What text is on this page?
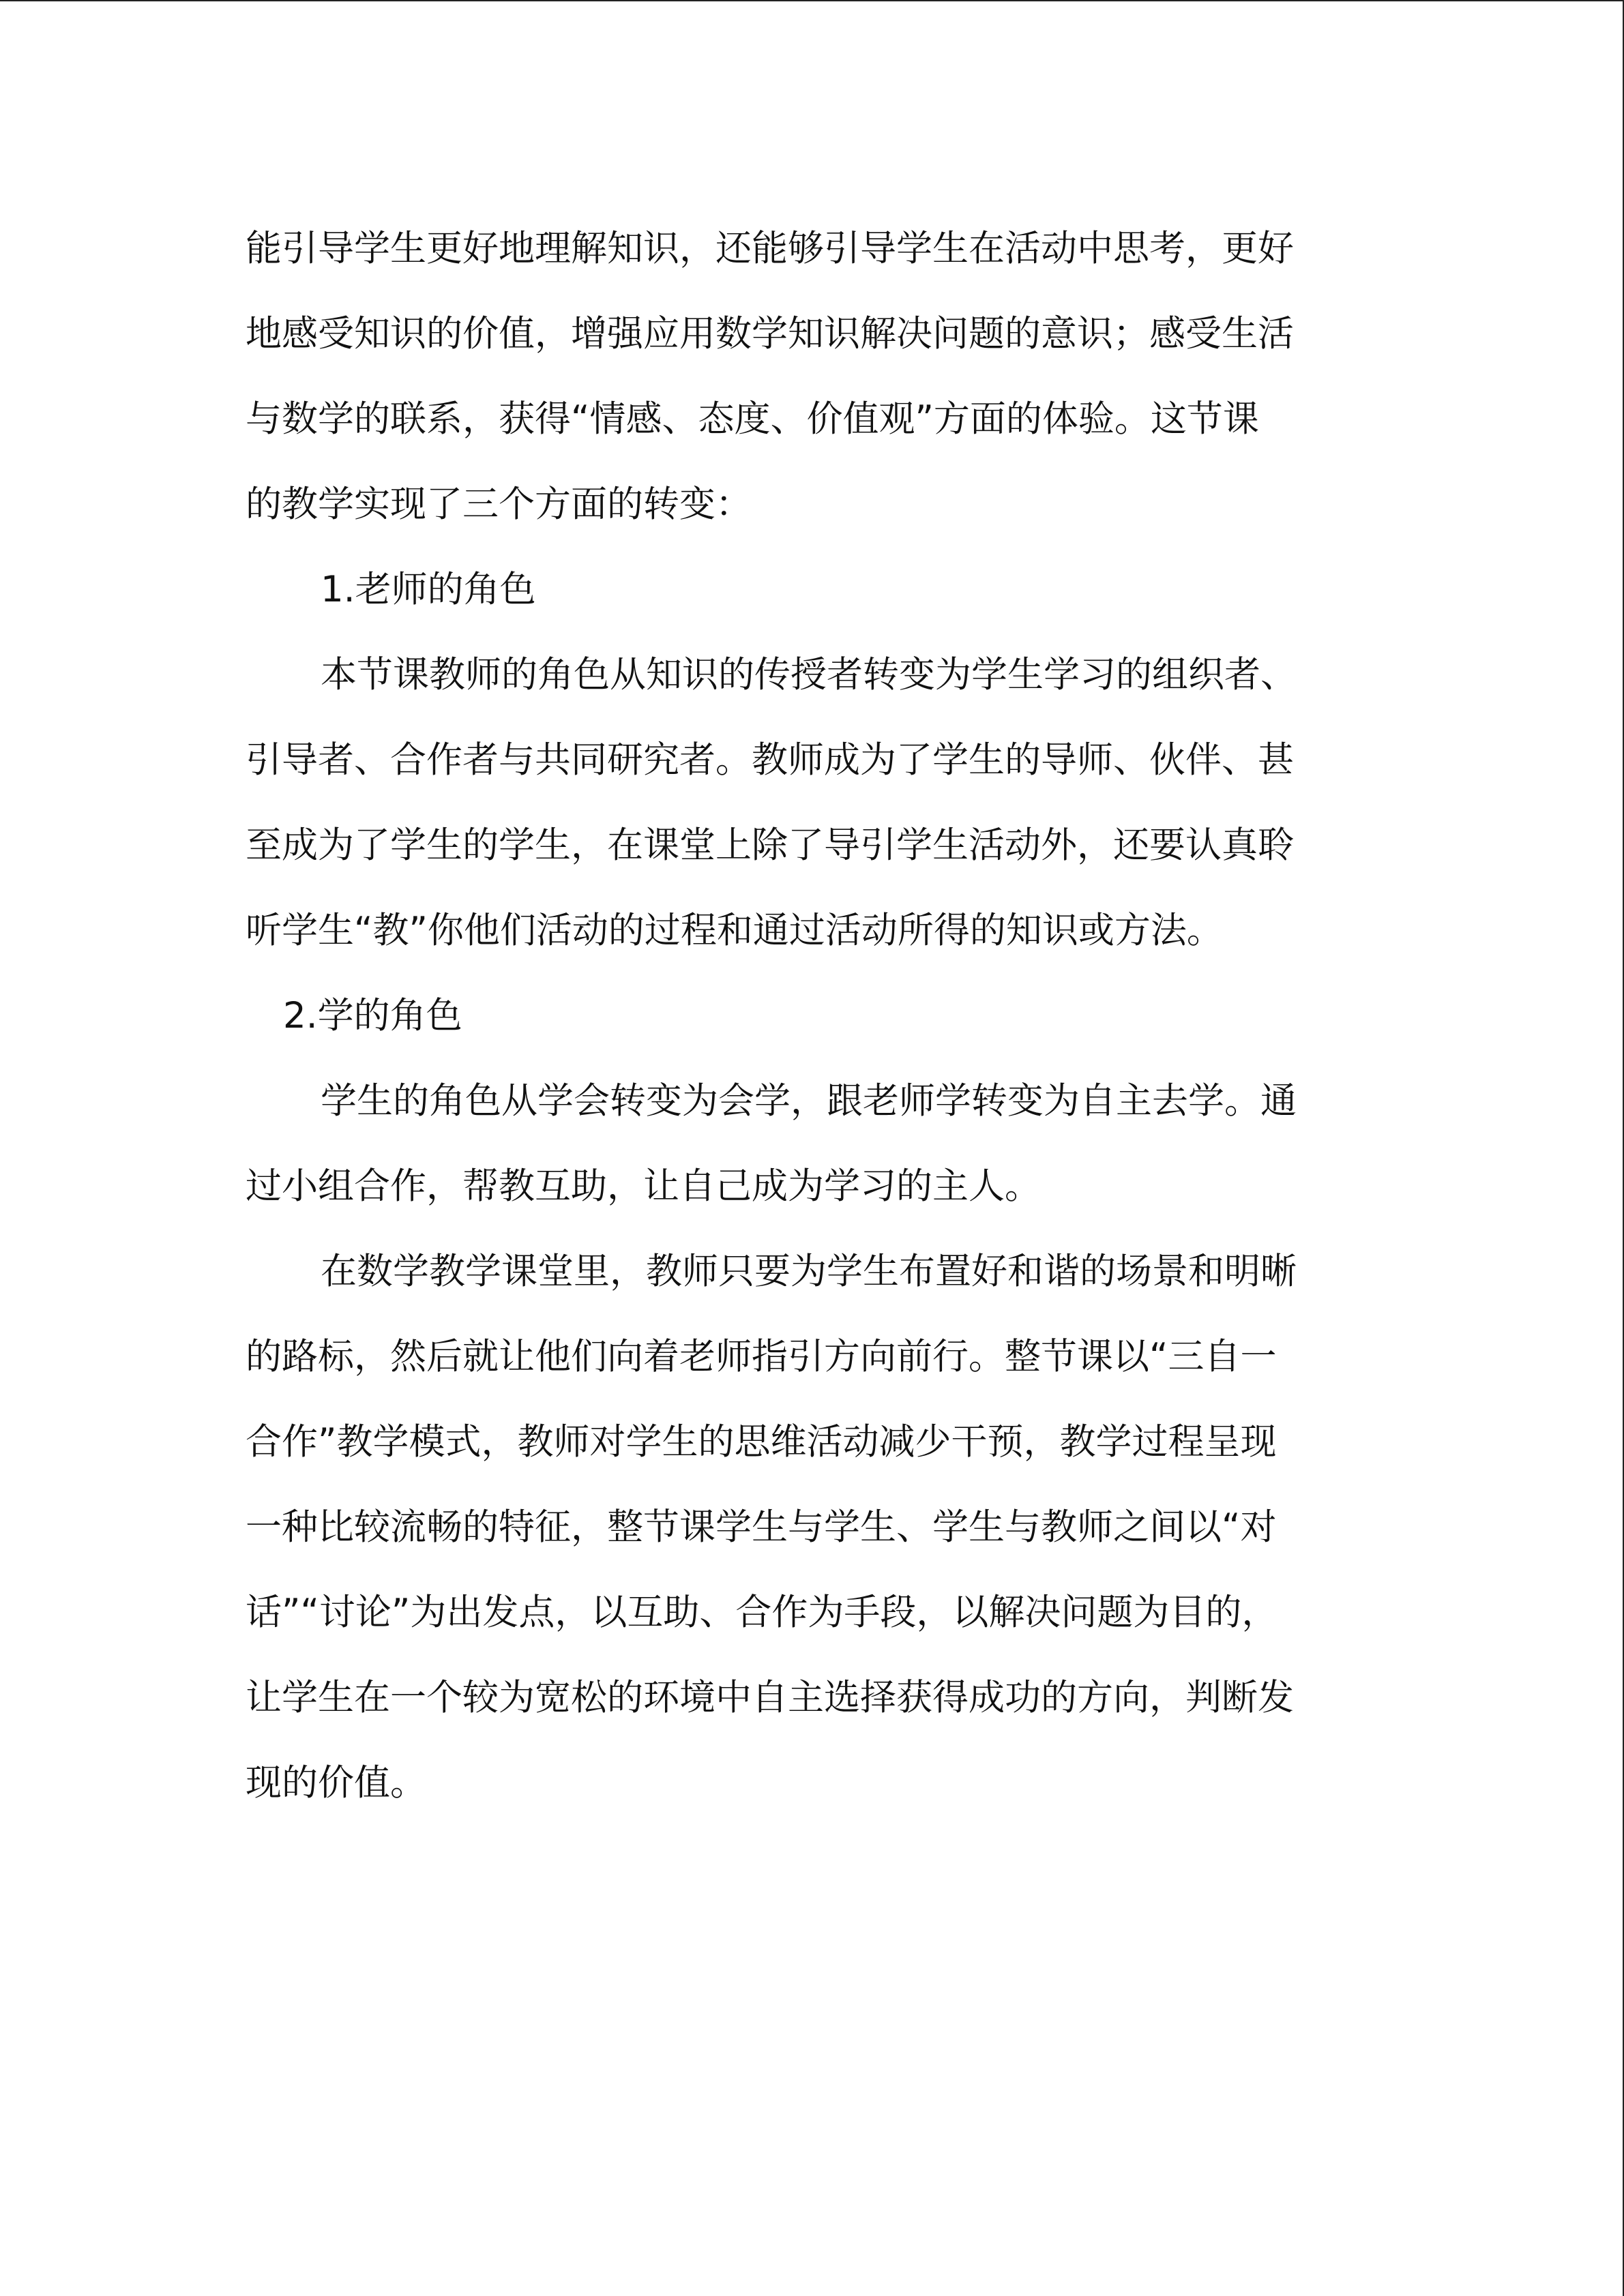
能引导学生更好地理解知识，还能够引导学生在活动中思考，更好
地感受知识的价值，增强应用数学知识解决问题的意识；感受生活
与数学的联系，获得“情感、态度、价值观”方面的体验。这节课
的教学实现了三个方面的转变：
1.老师的角色
本节课教师的角色从知识的传授者转变为学生学习的组织者、
引导者、合作者与共同研究者。教师成为了学生的导师、伙伴、甚
至成为了学生的学生，在课堂上除了导引学生活动外，还要认真聆
听学生“教”你他们活动的过程和通过活动所得的知识或方法。
2.学的角色
学生的角色从学会转变为会学，跟老师学转变为自主去学。通
过小组合作，帮教互助，让自己成为学习的主人。
在数学教学课堂里，教师只要为学生布置好和谐的场景和明晰
的路标，然后就让他们向着老师指引方向前行。整节课以“三自一
合作”教学模式，教师对学生的思维活动减少干预，教学过程呈现
一种比较流畅的特征，整节课学生与学生、学生与教师之间以“对
话”“讨论”为出发点，以互助、合作为手段，以解决问题为目的，
让学生在一个较为宽松的环境中自主选择获得成功的方向，判断发
现的价值。
